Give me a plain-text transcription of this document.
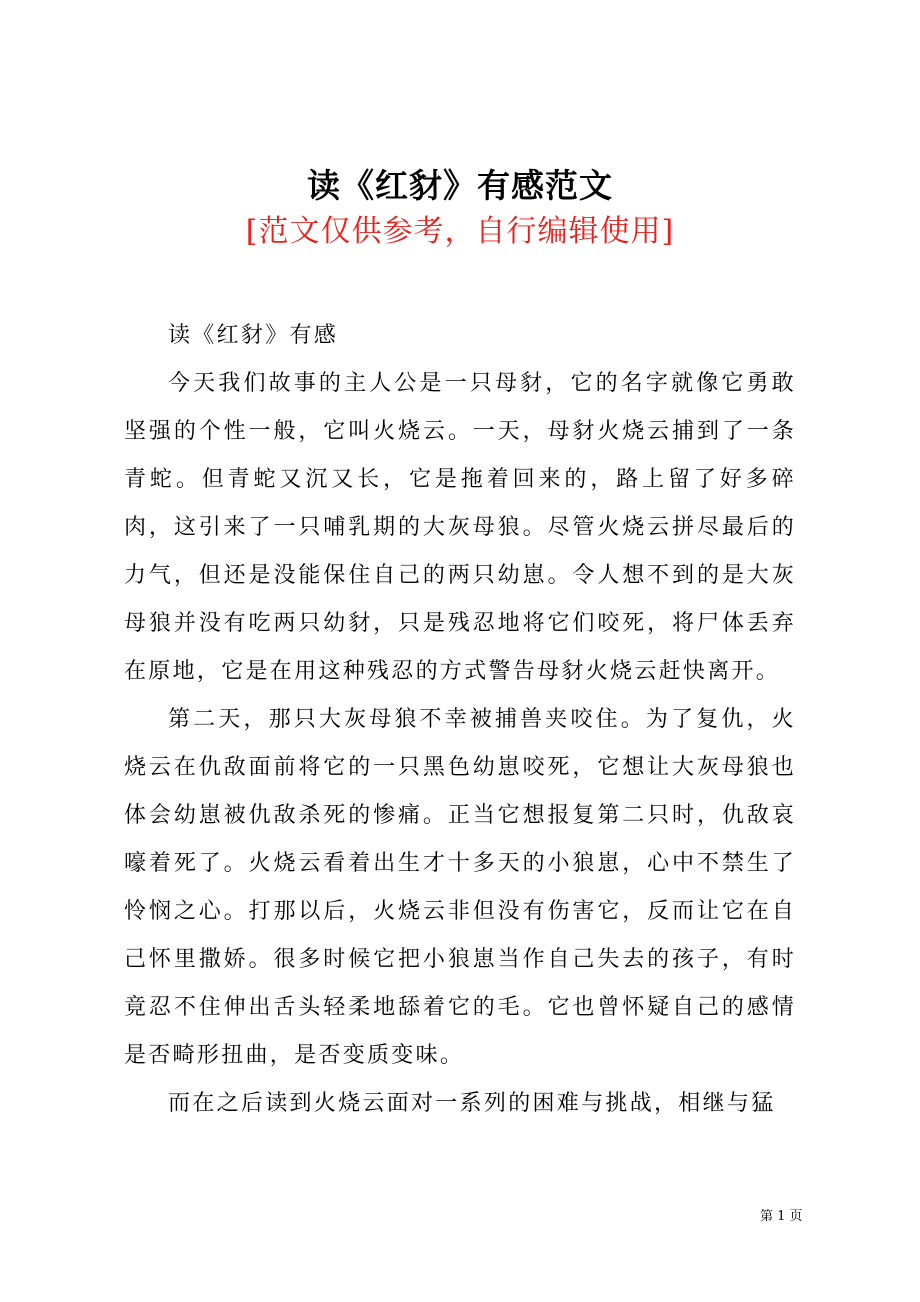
读《红豺》有感范文
[范文仅供参考，自行编辑使用]

读《红豺》有感

今天我们故事的主人公是一只母豺，它的名字就像它勇敢坚强的个性一般，它叫火烧云。一天，母豺火烧云捕到了一条青蛇。但青蛇又沉又长，它是拖着回来的，路上留了好多碎肉，这引来了一只哺乳期的大灰母狼。尽管火烧云拼尽最后的力气，但还是没能保住自己的两只幼崽。令人想不到的是大灰母狼并没有吃两只幼豺，只是残忍地将它们咬死，将尸体丢弃在原地，它是在用这种残忍的方式警告母豺火烧云赶快离开。

第二天，那只大灰母狼不幸被捕兽夹咬住。为了复仇，火烧云在仇敌面前将它的一只黑色幼崽咬死，它想让大灰母狼也体会幼崽被仇敌杀死的惨痛。正当它想报复第二只时，仇敌哀嚎着死了。火烧云看着出生才十多天的小狼崽，心中不禁生了怜悯之心。打那以后，火烧云非但没有伤害它，反而让它在自己怀里撒娇。很多时候它把小狼崽当作自己失去的孩子，有时竟忍不住伸出舌头轻柔地舔着它的毛。它也曾怀疑自己的感情是否畸形扭曲，是否变质变味。

而在之后读到火烧云面对一系列的困难与挑战，相继与猛

第 1 页
